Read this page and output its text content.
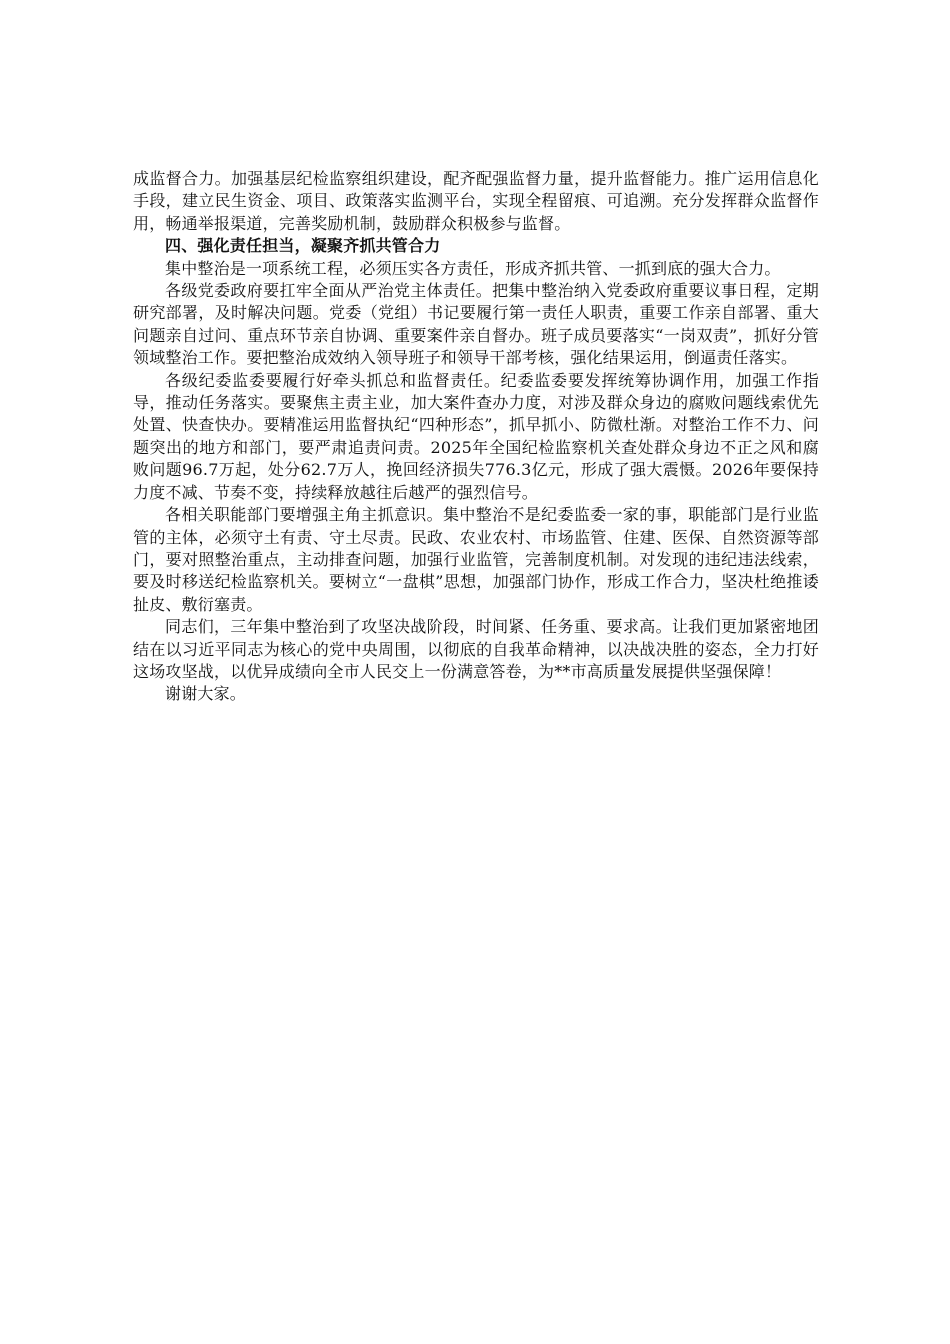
成监督合力。加强基层纪检监察组织建设，配齐配强监督力量，提升监督能力。推广运用信息化手段，建立民生资金、项目、政策落实监测平台，实现全程留痕、可追溯。充分发挥群众监督作用，畅通举报渠道，完善奖励机制，鼓励群众积极参与监督。

四、强化责任担当，凝聚齐抓共管合力

集中整治是一项系统工程，必须压实各方责任，形成齐抓共管、一抓到底的强大合力。

各级党委政府要扛牢全面从严治党主体责任。把集中整治纳入党委政府重要议事日程，定期研究部署，及时解决问题。党委（党组）书记要履行第一责任人职责，重要工作亲自部署、重大问题亲自过问、重点环节亲自协调、重要案件亲自督办。班子成员要落实“一岗双责”，抓好分管领域整治工作。要把整治成效纳入领导班子和领导干部考核，强化结果运用，倒逼责任落实。

各级纪委监委要履行好牵头抓总和监督责任。纪委监委要发挥统筹协调作用，加强工作指导，推动任务落实。要聚焦主责主业，加大案件查办力度，对涉及群众身边的腐败问题线索优先处置、快查快办。要精准运用监督执纪“四种形态”，抓早抓小、防微杜渐。对整治工作不力、问题突出的地方和部门，要严肃追责问责。2025年全国纪检监察机关查处群众身边不正之风和腐败问题96.7万起，处分62.7万人，挽回经济损失776.3亿元，形成了强大震慑。2026年要保持力度不减、节奏不变，持续释放越往后越严的强烈信号。

各相关职能部门要增强主角主抓意识。集中整治不是纪委监委一家的事，职能部门是行业监管的主体，必须守土有责、守土尽责。民政、农业农村、市场监管、住建、医保、自然资源等部门，要对照整治重点，主动排查问题，加强行业监管，完善制度机制。对发现的违纪违法线索，要及时移送纪检监察机关。要树立“一盘棋”思想，加强部门协作，形成工作合力，坚决杜绝推诿扯皮、敷衍塞责。

同志们，三年集中整治到了攻坚决战阶段，时间紧、任务重、要求高。让我们更加紧密地团结在以习近平同志为核心的党中央周围，以彻底的自我革命精神，以决战决胜的姿态，全力打好这场攻坚战，以优异成绩向全市人民交上一份满意答卷，为**市高质量发展提供坚强保障！

谢谢大家。
